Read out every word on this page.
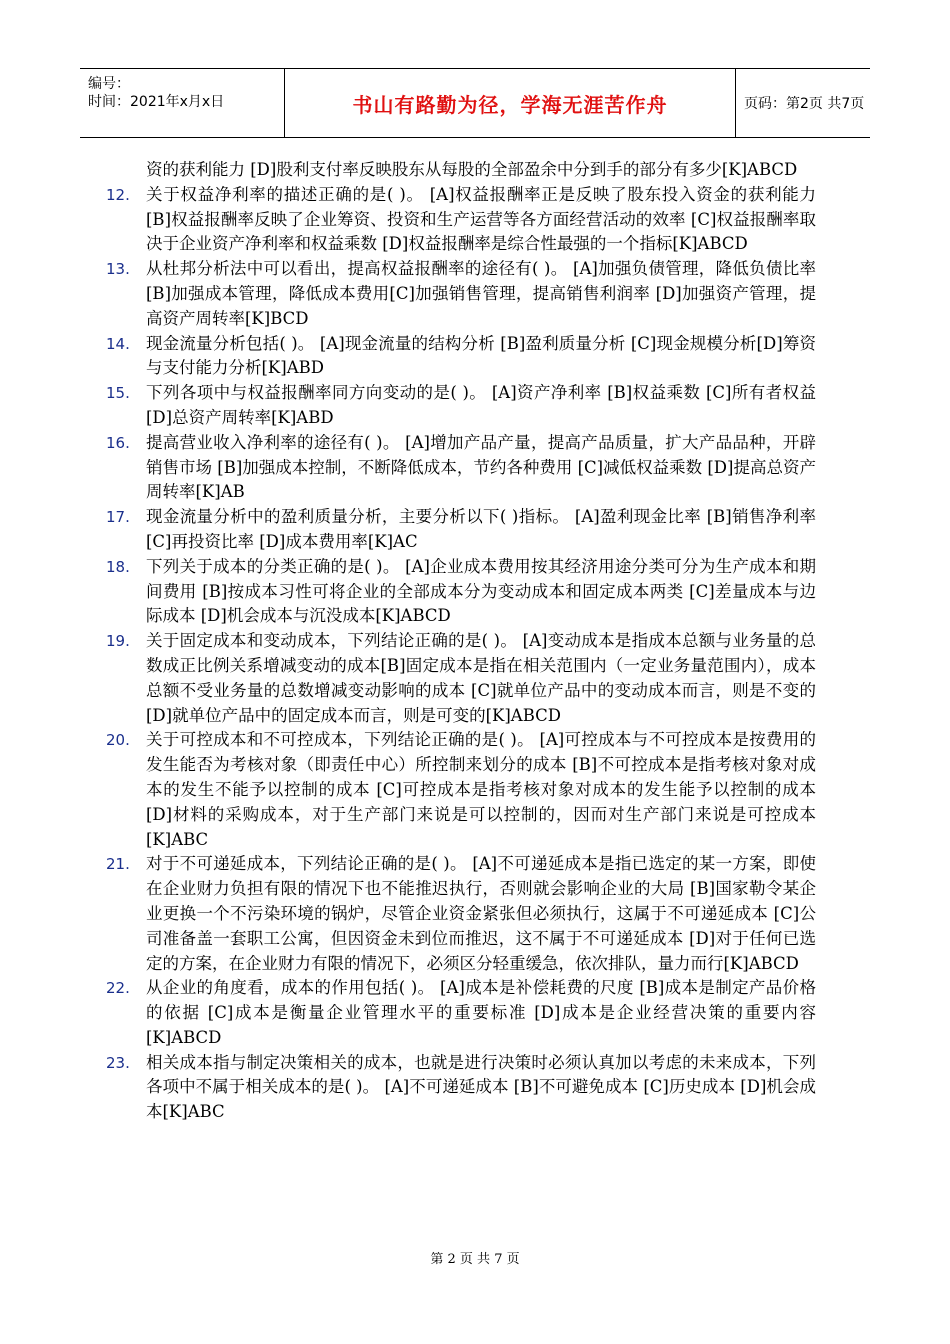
编号：
时间：2021年x月x日	书山有路勤为径，学海无涯苦作舟	页码：第2页 共7页
资的获利能力 [D]股利支付率反映股东从每股的全部盈余中分到手的部分有多少[K]ABCD
12. 关于权益净利率的描述正确的是( )。 [A]权益报酬率正是反映了股东投入资金的获利能力 [B]权益报酬率反映了企业筹资、投资和生产运营等各方面经营活动的效率 [C]权益报酬率取决于企业资产净利率和权益乘数 [D]权益报酬率是综合性最强的一个指标[K]ABCD
13. 从杜邦分析法中可以看出，提高权益报酬率的途径有( )。 [A]加强负债管理，降低负债比率 [B]加强成本管理，降低成本费用[C]加强销售管理，提高销售利润率 [D]加强资产管理，提高资产周转率[K]BCD
14. 现金流量分析包括( )。 [A]现金流量的结构分析 [B]盈利质量分析 [C]现金规模分析[D]筹资与支付能力分析[K]ABD
15. 下列各项中与权益报酬率同方向变动的是( )。 [A]资产净利率 [B]权益乘数 [C]所有者权益 [D]总资产周转率[K]ABD
16. 提高营业收入净利率的途径有( )。 [A]增加产品产量，提高产品质量，扩大产品品种，开辟销售市场 [B]加强成本控制，不断降低成本，节约各种费用 [C]减低权益乘数 [D]提高总资产周转率[K]AB
17. 现金流量分析中的盈利质量分析，主要分析以下( )指标。 [A]盈利现金比率 [B]销售净利率 [C]再投资比率 [D]成本费用率[K]AC
18. 下列关于成本的分类正确的是( )。 [A]企业成本费用按其经济用途分类可分为生产成本和期间费用 [B]按成本习性可将企业的全部成本分为变动成本和固定成本两类 [C]差量成本与边际成本 [D]机会成本与沉没成本[K]ABCD
19. 关于固定成本和变动成本，下列结论正确的是( )。 [A]变动成本是指成本总额与业务量的总数成正比例关系增减变动的成本[B]固定成本是指在相关范围内（一定业务量范围内），成本总额不受业务量的总数增减变动影响的成本 [C]就单位产品中的变动成本而言，则是不变的 [D]就单位产品中的固定成本而言，则是可变的[K]ABCD
20. 关于可控成本和不可控成本，下列结论正确的是( )。 [A]可控成本与不可控成本是按费用的发生能否为考核对象（即责任中心）所控制来划分的成本 [B]不可控成本是指考核对象对成本的发生不能予以控制的成本 [C]可控成本是指考核对象对成本的发生能予以控制的成本 [D]材料的采购成本，对于生产部门来说是可以控制的，因而对生产部门来说是可控成本[K]ABC
21. 对于不可递延成本，下列结论正确的是( )。 [A]不可递延成本是指已选定的某一方案，即使在企业财力负担有限的情况下也不能推迟执行，否则就会影响企业的大局 [B]国家勒令某企业更换一个不污染环境的锅炉，尽管企业资金紧张但必须执行，这属于不可递延成本 [C]公司准备盖一套职工公寓，但因资金未到位而推迟，这不属于不可递延成本 [D]对于任何已选定的方案，在企业财力有限的情况下，必须区分轻重缓急，依次排队，量力而行[K]ABCD
22. 从企业的角度看，成本的作用包括( )。 [A]成本是补偿耗费的尺度 [B]成本是制定产品价格的依据 [C]成本是衡量企业管理水平的重要标准 [D]成本是企业经营决策的重要内容[K]ABCD
23. 相关成本指与制定决策相关的成本，也就是进行决策时必须认真加以考虑的未来成本，下列各项中不属于相关成本的是( )。 [A]不可递延成本 [B]不可避免成本 [C]历史成本 [D]机会成本[K]ABC
第 2 页 共 7 页
